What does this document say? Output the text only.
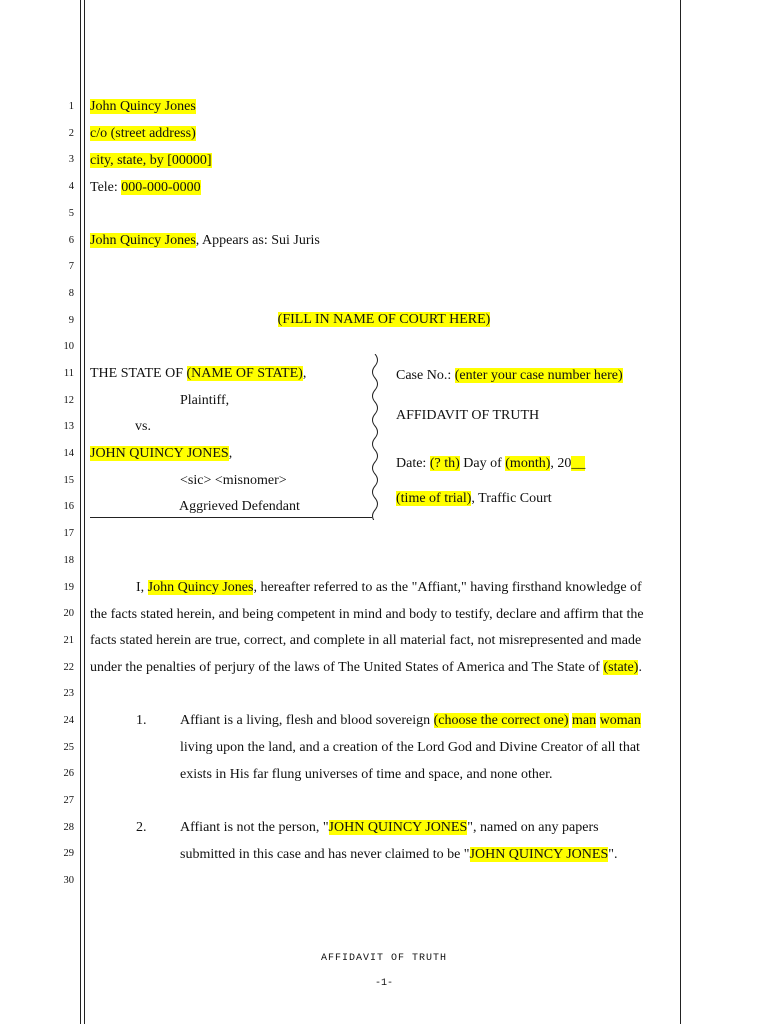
1
2
3
4
5
6
7
8
9
10
11
12
13
14
15
16
17
18
19
20
21
22
23
24
25
26
27
28
29
30
John Quincy Jones
c/o (street address)
city, state, by [00000]
Tele: 000-000-0000
John Quincy Jones, Appears as: Sui Juris
(FILL IN NAME OF COURT HERE)
THE STATE OF (NAME OF STATE),
Plaintiff,
vs.
JOHN QUINCY JONES,
<sic> <misnomer>
Aggrieved Defendant
Case No.: (enter your case number here)
AFFIDAVIT OF TRUTH
Date: (? th) Day of (month), 20__
(time of trial), Traffic Court
I, John Quincy Jones, hereafter referred to as the "Affiant," having firsthand knowledge of
the facts stated herein, and being competent in mind and body to testify, declare and affirm that the
facts stated herein are true, correct, and complete in all material fact, not misrepresented and made
under the penalties of perjury of the laws of The United States of America and The State of (state).
1. Affiant is a living, flesh and blood sovereign (choose the correct one) man woman
living upon the land, and a creation of the Lord God and Divine Creator of all that
exists in His far flung universes of time and space, and none other.
2. Affiant is not the person, "JOHN QUINCY JONES", named on any papers
submitted in this case and has never claimed to be "JOHN QUINCY JONES".
AFFIDAVIT OF TRUTH
-1-
